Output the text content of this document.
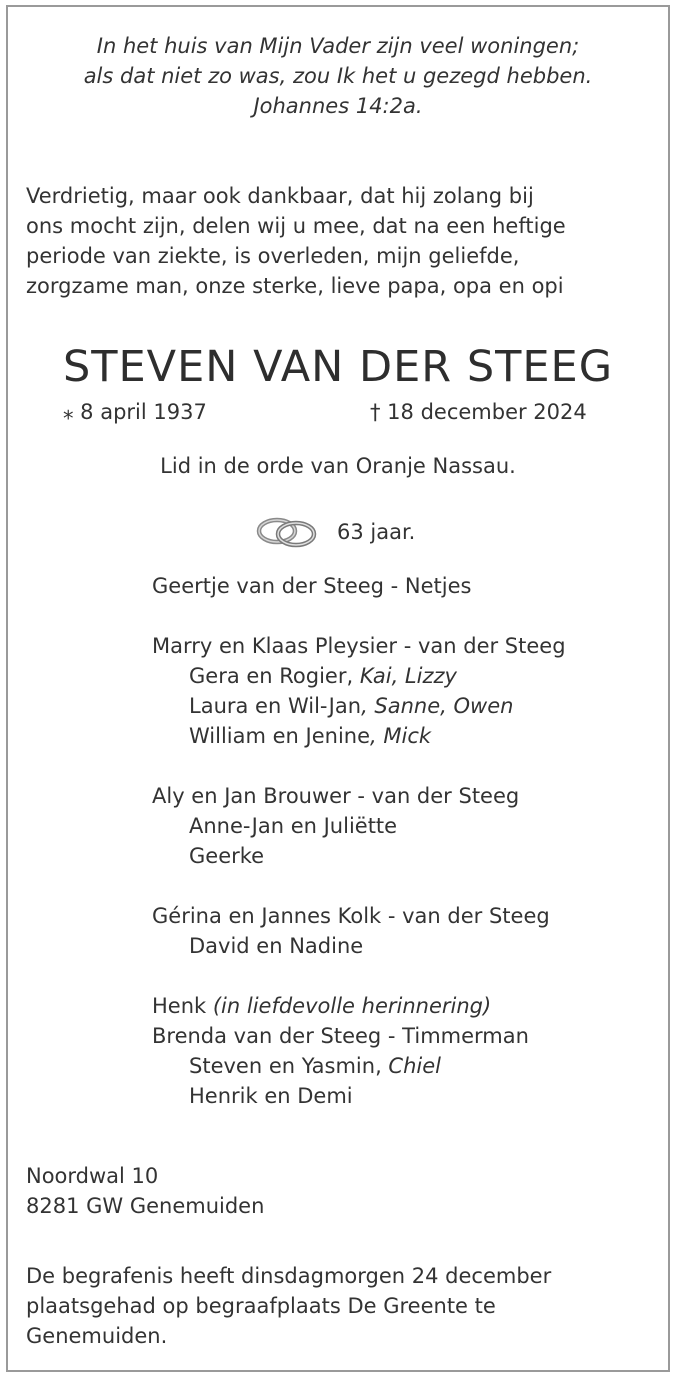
In het huis van Mijn Vader zijn veel woningen;
als dat niet zo was, zou Ik het u gezegd hebben.
Johannes 14:2a.
Verdrietig, maar ook dankbaar, dat hij zolang bij
ons mocht zijn, delen wij u mee, dat na een heftige
periode van ziekte, is overleden, mijn geliefde,
zorgzame man, onze sterke, lieve papa, opa en opi
STEVEN VAN DER STEEG
⁎ 8 april 1937	† 18 december 2024
Lid in de orde van Oranje Nassau.
63 jaar.
Geertje van der Steeg - Netjes
Marry en Klaas Pleysier - van der Steeg
Gera en Rogier, Kai, Lizzy
Laura en Wil-Jan, Sanne, Owen
William en Jenine, Mick
Aly en Jan Brouwer - van der Steeg
Anne-Jan en Juliëtte
Geerke
Gérina en Jannes Kolk - van der Steeg
David en Nadine
Henk (in liefdevolle herinnering)
Brenda van der Steeg - Timmerman
Steven en Yasmin, Chiel
Henrik en Demi
Noordwal 10
8281 GW Genemuiden
De begrafenis heeft dinsdagmorgen 24 december
plaatsgehad op begraafplaats De Greente te
Genemuiden.
